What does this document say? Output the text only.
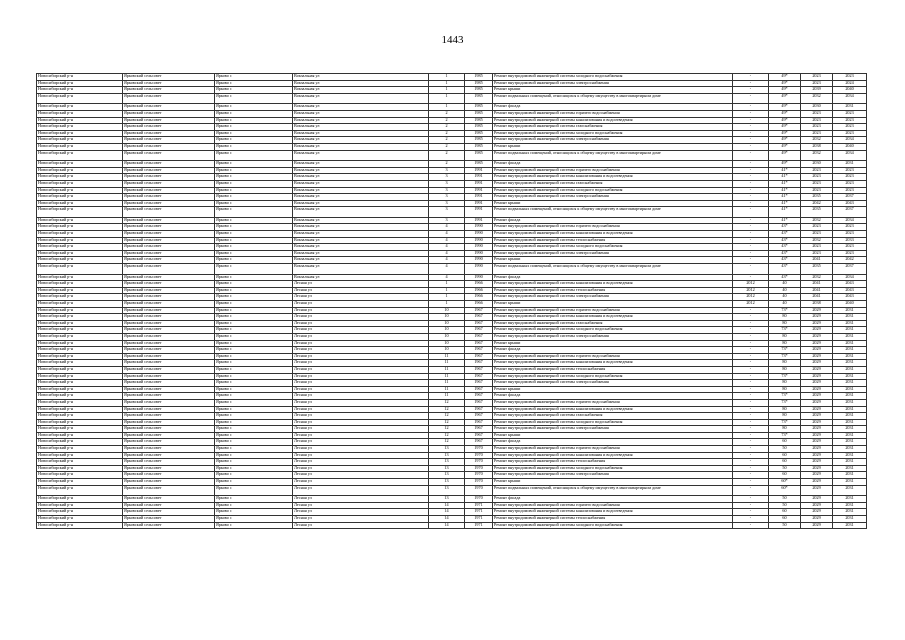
1443
Новосибирский р-н	Ярковский сельсовет	Ярково с	Вокзальная ул	1	1985	Ремонт внутридомовой инженерной системы холодного водоснабжения	-	49*	2023	2023
Новосибирский р-н	Ярковский сельсовет	Ярково с	Вокзальная ул	1	1985	Ремонт внутридомовой инженерной системы электроснабжения	-	49*	2023	2024
Новосибирский р-н	Ярковский сельсовет	Ярково с	Вокзальная ул	1	1985	Ремонт крыши	-	49*	2039	2040
Новосибирский р-н	Ярковский сельсовет	Ярково с	Вокзальная ул	1	1985	Ремонт подвальных помещений, относящихся к общему имуществу в многоквартирном доме	-	49*	2032	2034
Новосибирский р-н	Ярковский сельсовет	Ярково с	Вокзальная ул	1	1985	Ремонт фасада	-	49*	2030	2031
Новосибирский р-н	Ярковский сельсовет	Ярково с	Вокзальная ул	2	1985	Ремонт внутридомовой инженерной системы горячего водоснабжения	-	49*	2023	2023
Новосибирский р-н	Ярковский сельсовет	Ярково с	Вокзальная ул	2	1985	Ремонт внутридомовой инженерной системы канализования и водоотведения	-	49*	2023	2023
Новосибирский р-н	Ярковский сельсовет	Ярково с	Вокзальная ул	2	1985	Ремонт внутридомовой инженерной системы газоснабжения	-	49*	2023	2023
Новосибирский р-н	Ярковский сельсовет	Ярково с	Вокзальная ул	2	1985	Ремонт внутридомовой инженерной системы холодного водоснабжения	-	49*	2023	2023
Новосибирский р-н	Ярковский сельсовет	Ярково с	Вокзальная ул	2	1985	Ремонт внутридомовой инженерной системы электроснабжения	-	49*	2032	2034
Новосибирский р-н	Ярковский сельсовет	Ярково с	Вокзальная ул	2	1985	Ремонт крыши	-	49*	2038	2040
Новосибирский р-н	Ярковский сельсовет	Ярково с	Вокзальная ул	2	1985	Ремонт подвальных помещений, относящихся к общему имуществу в многоквартирном доме	-	49*	2032	2034
Новосибирский р-н	Ярковский сельсовет	Ярково с	Вокзальная ул	2	1985	Ремонт фасада	-	49*	2030	2031
Новосибирский р-н	Ярковский сельсовет	Ярково с	Вокзальная ул	3	1991	Ремонт внутридомовой инженерной системы горячего водоснабжения	-	41*	2023	2023
Новосибирский р-н	Ярковский сельсовет	Ярково с	Вокзальная ул	3	1991	Ремонт внутридомовой инженерной системы канализования и водоотведения	-	41*	2023	2023
Новосибирский р-н	Ярковский сельсовет	Ярково с	Вокзальная ул	3	1991	Ремонт внутридомовой инженерной системы газоснабжения	-	41*	2023	2023
Новосибирский р-н	Ярковский сельсовет	Ярково с	Вокзальная ул	3	1991	Ремонт внутридомовой инженерной системы холодного водоснабжения	-	41*	2023	2023
Новосибирский р-н	Ярковский сельсовет	Ярково с	Вокзальная ул	3	1991	Ремонт внутридомовой инженерной системы электроснабжения	-	41*	2035	2037
Новосибирский р-н	Ярковский сельсовет	Ярково с	Вокзальная ул	3	1991	Ремонт крыши	-	41*	2042	2043
Новосибирский р-н	Ярковский сельсовет	Ярково с	Вокзальная ул	3	1991	Ремонт подвальных помещений, относящихся к общему имуществу в многоквартирном доме	-	41*	2035	2037
Новосибирский р-н	Ярковский сельсовет	Ярково с	Вокзальная ул	3	1991	Ремонт фасада	-	41*	2032	2034
Новосибирский р-н	Ярковский сельсовет	Ярково с	Вокзальная ул	4	1990	Ремонт внутридомовой инженерной системы горячего водоснабжения	-	43*	2023	2023
Новосибирский р-н	Ярковский сельсовет	Ярково с	Вокзальная ул	4	1990	Ремонт внутридомовой инженерной системы канализования и водоотведения	-	43*	2023	2023
Новосибирский р-н	Ярковский сельсовет	Ярково с	Вокзальная ул	4	1990	Ремонт внутридомовой инженерной системы теплоснабжения	-	43*	2032	2033
Новосибирский р-н	Ярковский сельсовет	Ярково с	Вокзальная ул	4	1990	Ремонт внутридомовой инженерной системы холодного водоснабжения	-	43*	2023	2023
Новосибирский р-н	Ярковский сельсовет	Ярково с	Вокзальная ул	4	1990	Ремонт внутридомовой инженерной системы электроснабжения	-	43*	2023	2023
Новосибирский р-н	Ярковский сельсовет	Ярково с	Вокзальная ул	4	1990	Ремонт крыши	-	43*	2041	2042
Новосибирский р-н	Ярковский сельсовет	Ярково с	Вокзальная ул	4	1990	Ремонт подвальных помещений, относящихся к общему имуществу в многоквартирном доме	-	43*	2035	2037
Новосибирский р-н	Ярковский сельсовет	Ярково с	Вокзальная ул	4	1990	Ремонт фасада	-	43*	2032	2034
Новосибирский р-н	Ярковский сельсовет	Ярково с	Лесная ул	1	1966	Ремонт внутридомовой инженерной системы канализования и водоотведения	2012	40	2041	2043
Новосибирский р-н	Ярковский сельсовет	Ярково с	Лесная ул	1	1966	Ремонт внутридомовой инженерной системы теплоснабжения	2012	40	2041	2043
Новосибирский р-н	Ярковский сельсовет	Ярково с	Лесная ул	1	1966	Ремонт внутридомовой инженерной системы электроснабжения	2012	40	2041	2043
Новосибирский р-н	Ярковский сельсовет	Ярково с	Лесная ул	1	1966	Ремонт крыши	2012	40	2038	2040
Новосибирский р-н	Ярковский сельсовет	Ярково с	Лесная ул	10	1967	Ремонт внутридомовой инженерной системы горячего водоснабжения	-	73*	2029	2031
Новосибирский р-н	Ярковский сельсовет	Ярково с	Лесная ул	10	1967	Ремонт внутридомовой инженерной системы канализования и водоотведения	-	80	2029	2031
Новосибирский р-н	Ярковский сельсовет	Ярково с	Лесная ул	10	1967	Ремонт внутридомовой инженерной системы газоснабжения	-	80	2029	2031
Новосибирский р-н	Ярковский сельсовет	Ярково с	Лесная ул	10	1967	Ремонт внутридомовой инженерной системы холодного водоснабжения	-	73*	2029	2031
Новосибирский р-н	Ярковский сельсовет	Ярково с	Лесная ул	10	1967	Ремонт внутридомовой инженерной системы электроснабжения	-	80	2029	2031
Новосибирский р-н	Ярковский сельсовет	Ярково с	Лесная ул	10	1967	Ремонт крыши	-	80	2029	2031
Новосибирский р-н	Ярковский сельсовет	Ярково с	Лесная ул	10	1967	Ремонт фасада	-	73*	2029	2031
Новосибирский р-н	Ярковский сельсовет	Ярково с	Лесная ул	11	1967	Ремонт внутридомовой инженерной системы горячего водоснабжения	-	73*	2029	2031
Новосибирский р-н	Ярковский сельсовет	Ярково с	Лесная ул	11	1967	Ремонт внутридомовой инженерной системы канализования и водоотведения	-	80	2029	2031
Новосибирский р-н	Ярковский сельсовет	Ярково с	Лесная ул	11	1967	Ремонт внутридомовой инженерной системы теплоснабжения	-	80	2029	2031
Новосибирский р-н	Ярковский сельсовет	Ярково с	Лесная ул	11	1967	Ремонт внутридомовой инженерной системы холодного водоснабжения	-	73*	2029	2031
Новосибирский р-н	Ярковский сельсовет	Ярково с	Лесная ул	11	1967	Ремонт внутридомовой инженерной системы электроснабжения	-	80	2029	2031
Новосибирский р-н	Ярковский сельсовет	Ярково с	Лесная ул	11	1967	Ремонт крыши	-	80	2029	2031
Новосибирский р-н	Ярковский сельсовет	Ярково с	Лесная ул	11	1967	Ремонт фасада	-	73*	2029	2031
Новосибирский р-н	Ярковский сельсовет	Ярково с	Лесная ул	12	1967	Ремонт внутридомовой инженерной системы горячего водоснабжения	-	73*	2029	2031
Новосибирский р-н	Ярковский сельсовет	Ярково с	Лесная ул	12	1967	Ремонт внутридомовой инженерной системы канализования и водоотведения	-	80	2029	2031
Новосибирский р-н	Ярковский сельсовет	Ярково с	Лесная ул	12	1967	Ремонт внутридомовой инженерной системы газоснабжения	-	80	2029	2031
Новосибирский р-н	Ярковский сельсовет	Ярково с	Лесная ул	12	1967	Ремонт внутридомовой инженерной системы холодного водоснабжения	-	73*	2029	2031
Новосибирский р-н	Ярковский сельсовет	Ярково с	Лесная ул	12	1967	Ремонт внутридомовой инженерной системы электроснабжения	-	80	2029	2031
Новосибирский р-н	Ярковский сельсовет	Ярково с	Лесная ул	12	1967	Ремонт крыши	-	73*	2029	2031
Новосибирский р-н	Ярковский сельсовет	Ярково с	Лесная ул	12	1967	Ремонт фасада	-	60	2029	2031
Новосибирский р-н	Ярковский сельсовет	Ярково с	Лесная ул	13	1970	Ремонт внутридомовой инженерной системы горячего водоснабжения	-	50	2029	2031
Новосибирский р-н	Ярковский сельсовет	Ярково с	Лесная ул	13	1970	Ремонт внутридомовой инженерной системы канализования и водоотведения	-	60	2029	2031
Новосибирский р-н	Ярковский сельсовет	Ярково с	Лесная ул	13	1970	Ремонт внутридомовой инженерной системы теплоснабжения	-	60	2029	2031
Новосибирский р-н	Ярковский сельсовет	Ярково с	Лесная ул	13	1970	Ремонт внутридомовой инженерной системы холодного водоснабжения	-	50	2029	2031
Новосибирский р-н	Ярковский сельсовет	Ярково с	Лесная ул	13	1970	Ремонт внутридомовой инженерной системы электроснабжения	-	60	2029	2031
Новосибирский р-н	Ярковский сельсовет	Ярково с	Лесная ул	13	1970	Ремонт крыши	-	60*	2029	2031
Новосибирский р-н	Ярковский сельсовет	Ярково с	Лесная ул	13	1970	Ремонт подвальных помещений, относящихся к общему имуществу в многоквартирном доме	-	60*	2029	2031
Новосибирский р-н	Ярковский сельсовет	Ярково с	Лесная ул	13	1970	Ремонт фасада	-	50	2029	2031
Новосибирский р-н	Ярковский сельсовет	Ярково с	Лесная ул	14	1971	Ремонт внутридомовой инженерной системы горячего водоснабжения	-	50	2029	2031
Новосибирский р-н	Ярковский сельсовет	Ярково с	Лесная ул	14	1971	Ремонт внутридомовой инженерной системы канализования и водоотведения	-	60	2029	2031
Новосибирский р-н	Ярковский сельсовет	Ярково с	Лесная ул	14	1971	Ремонт внутридомовой инженерной системы теплоснабжения	-	60	2029	2031
Новосибирский р-н	Ярковский сельсовет	Ярково с	Лесная ул	14	1971	Ремонт внутридомовой инженерной системы холодного водоснабжения	-	50	2029	2031
